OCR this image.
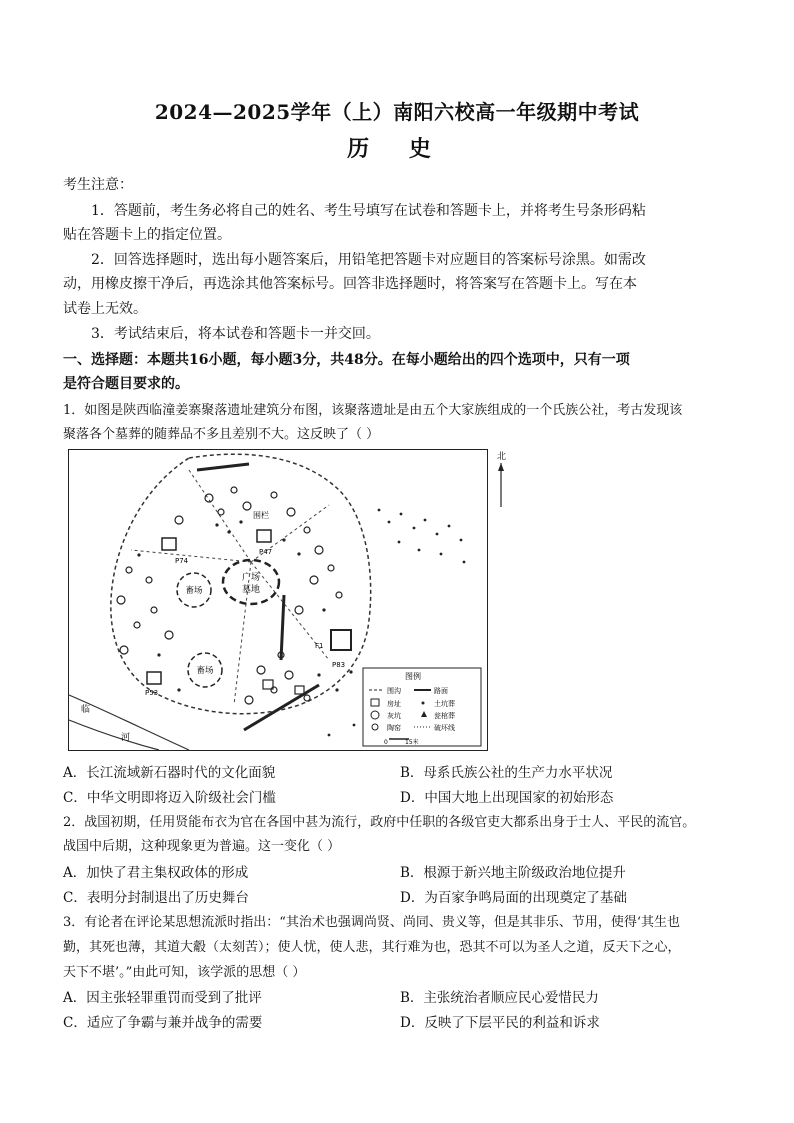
2024—2025学年（上）南阳六校高一年级期中考试
历 史
考生注意：
1．答题前，考生务必将自己的姓名、考生号填写在试卷和答题卡上，并将考生号条形码粘
贴在答题卡上的指定位置。
2．回答选择题时，选出每小题答案后，用铅笔把答题卡对应题目的答案标号涂黑。如需改
动，用橡皮擦干净后，再选涂其他答案标号。回答非选择题时，将答案写在答题卡上。写在本
试卷上无效。
3．考试结束后，将本试卷和答题卡一并交回。
一、选择题：本题共16小题，每小题3分，共48分。在每小题给出的四个选项中，只有一项
是符合题目要求的。
1．如图是陕西临潼姜寨聚落遗址建筑分布图，该聚落遗址是由五个大家族组成的一个氏族公社，考古发现该
聚落各个墓葬的随葬品不多且差别不大。这反映了（ ）
广场
墓地
畜场
畜场
围栏
P74
P47
F1
P53
P83
临
河
图例
围沟	路面
房址	土坑葬
灰坑	瓮棺葬
陶窑	破坏线
0	15米
北
A．长江流域新石器时代的文化面貌	B．母系氏族公社的生产力水平状况
C．中华文明即将迈入阶级社会门槛	D．中国大地上出现国家的初始形态
2．战国初期，任用贤能布衣为官在各国中甚为流行，政府中任职的各级官吏大都系出身于士人、平民的流官。
战国中后期，这种现象更为普遍。这一变化（ ）
A．加快了君主集权政体的形成	B．根源于新兴地主阶级政治地位提升
C．表明分封制退出了历史舞台	D．为百家争鸣局面的出现奠定了基础
3．有论者在评论某思想流派时指出：“其治术也强调尚贤、尚同、贵义等，但是其非乐、节用，使得‘其生也
勤，其死也薄，其道大觳（太刻苦）；使人忧，使人悲，其行难为也，恐其不可以为圣人之道，反天下之心，
天下不堪’。”由此可知，该学派的思想（ ）
A．因主张轻罪重罚而受到了批评	B．主张统治者顺应民心爱惜民力
C．适应了争霸与兼并战争的需要	D．反映了下层平民的利益和诉求
